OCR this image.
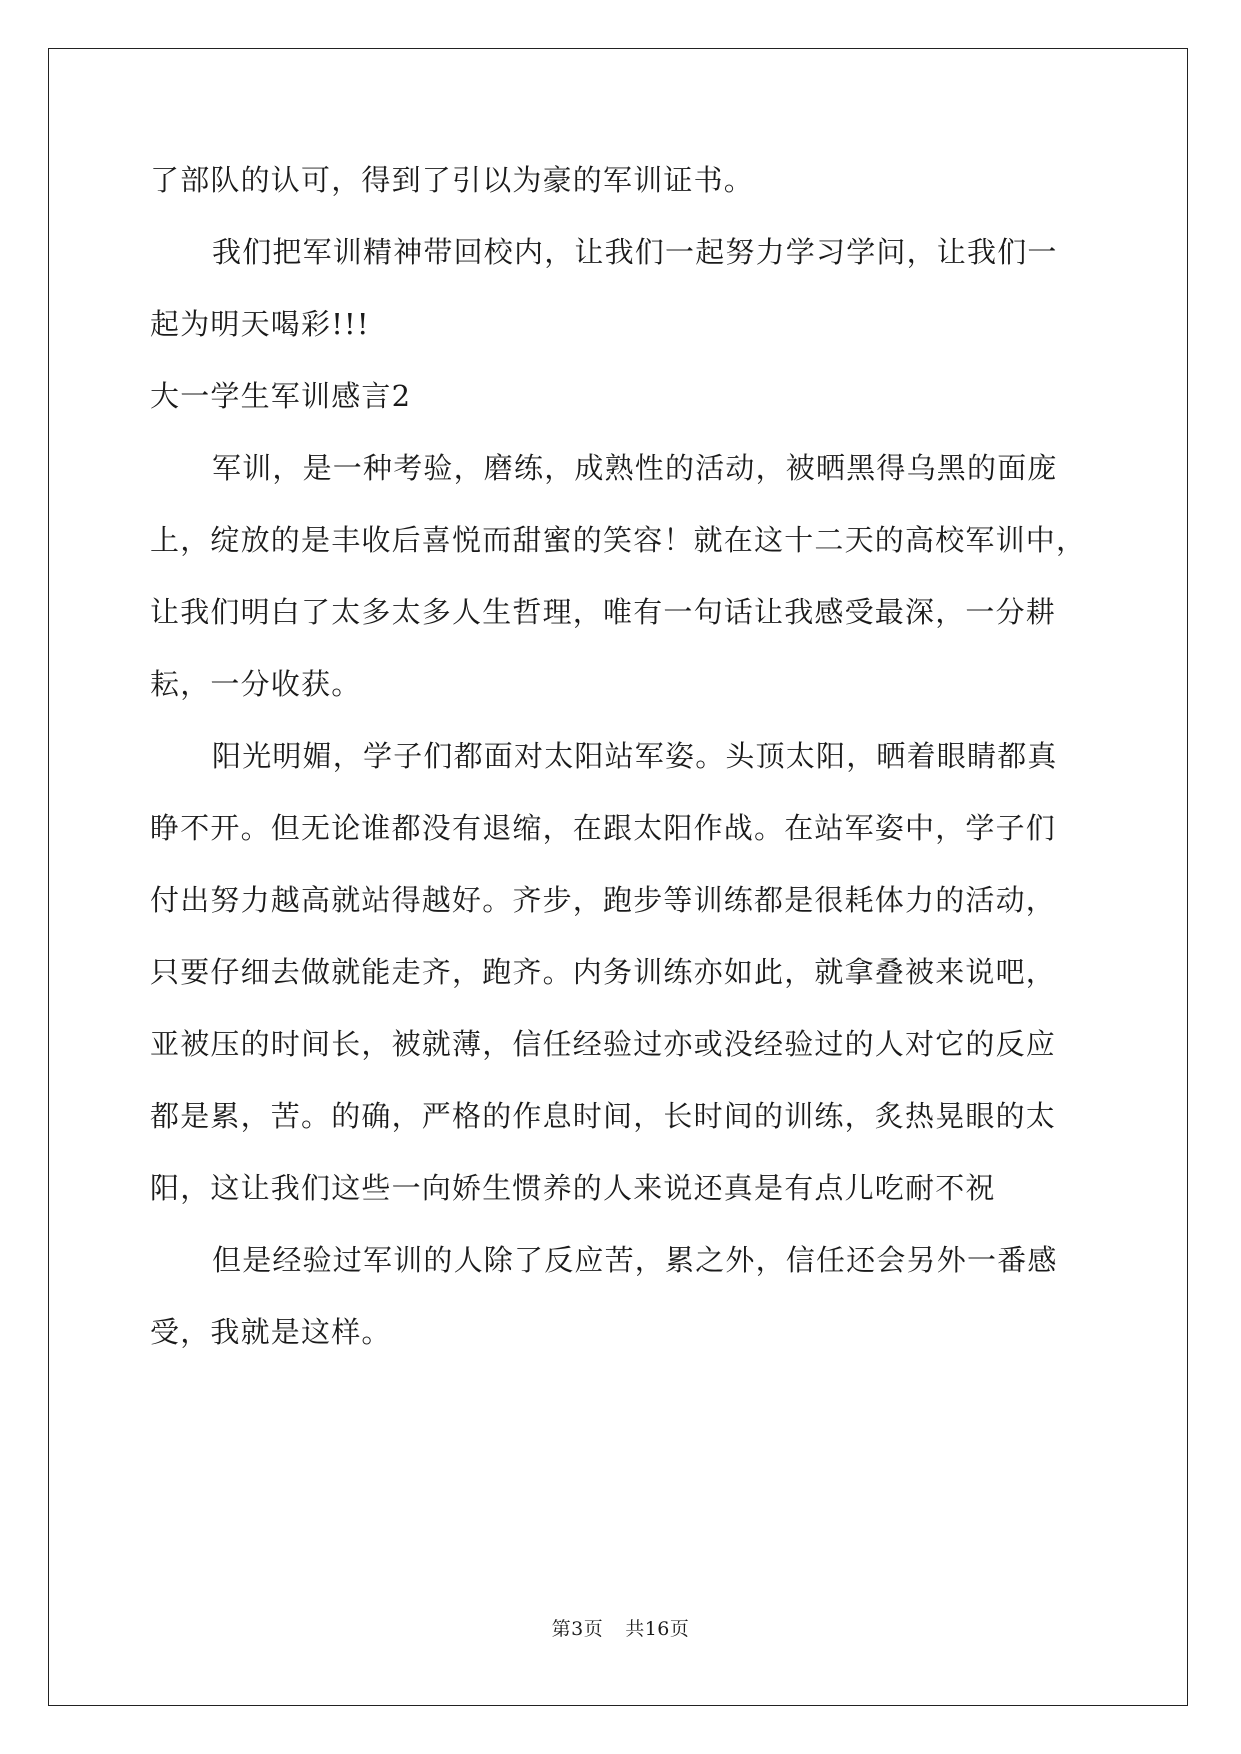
了部队的认可，得到了引以为豪的军训证书。
我们把军训精神带回校内，让我们一起努力学习学问，让我们一
起为明天喝彩!!!
大一学生军训感言2
军训，是一种考验，磨练，成熟性的活动，被晒黑得乌黑的面庞
上，绽放的是丰收后喜悦而甜蜜的笑容！就在这十二天的高校军训中，
让我们明白了太多太多人生哲理，唯有一句话让我感受最深，一分耕
耘，一分收获。
阳光明媚，学子们都面对太阳站军姿。头顶太阳，晒着眼睛都真
睁不开。但无论谁都没有退缩，在跟太阳作战。在站军姿中，学子们
付出努力越高就站得越好。齐步，跑步等训练都是很耗体力的活动，
只要仔细去做就能走齐，跑齐。内务训练亦如此，就拿叠被来说吧，
亚被压的时间长，被就薄，信任经验过亦或没经验过的人对它的反应
都是累，苦。的确，严格的作息时间，长时间的训练，炙热晃眼的太
阳，这让我们这些一向娇生惯养的人来说还真是有点儿吃耐不祝
但是经验过军训的人除了反应苦，累之外，信任还会另外一番感
受，我就是这样。
第3页 共16页
